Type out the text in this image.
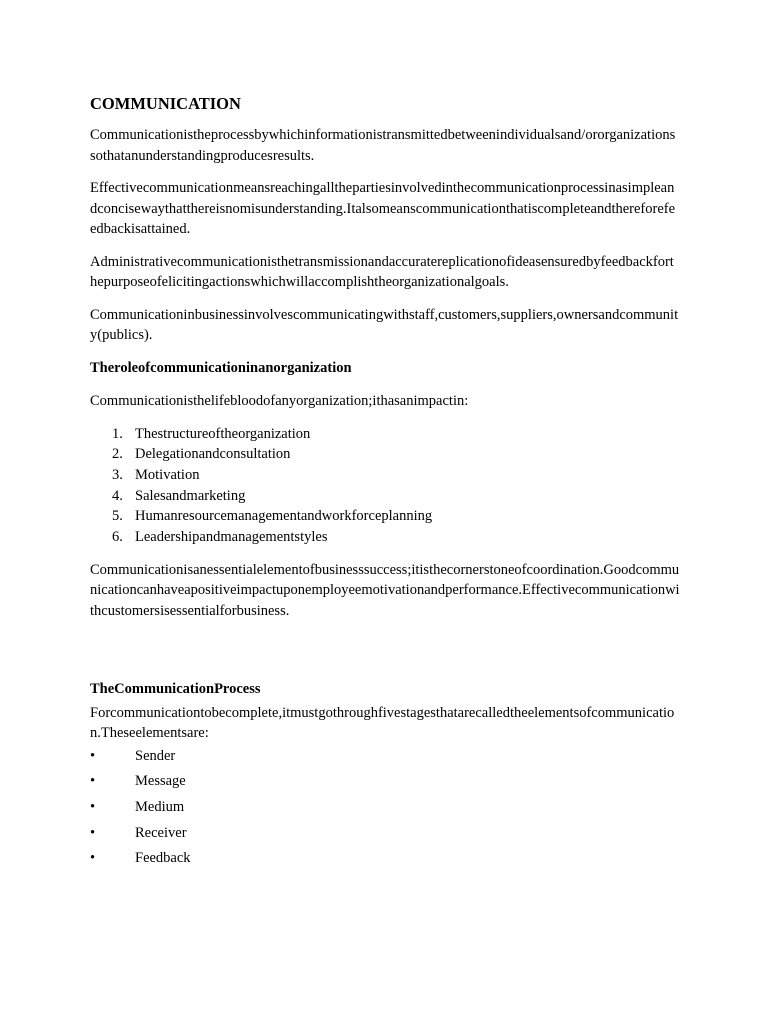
COMMUNICATION

Communicationistheprocessbywhichinformationistransmittedbetweenindividualsand/ororganizationssothatanunderstandingproducesresults.

Effectivecommunicationmeansreachingallthepartiesinvolvedinthecommunicationprocessinasimpleandconcisewaythatthereisnomisunderstanding.Italsomeanscommunicationthatiscompleteandthereforefeedbackisattained.

Administrativecommunicationisthetransmissionandaccuratereplicationofideasensuredbyfeedbackforthepurposeofelicitingactionswhichwillaccomplishtheorganizationalgoals.

Communicationinbusinessinvolvescommunicatingwithstaff,customers,suppliers,ownersandcommunity(publics).

Theroleofcommunicationinanorganization

Communicationisthelifebloodofanyorganization;ithasanimpactin:

1. Thestructureoftheorganization
2. Delegationandconsultation
3. Motivation
4. Salesandmarketing
5. Humanresourcemanagementandworkforceplanning
6. Leadershipandmanagementstyles

Communicationisanessentialelementofbusinesssuccess;itisthecornerstoneofcoordination.Goodcommunicationcanhaveapositiveimpactuponemployeemotivationandperformance.Effectivecommunicationwithcustomersisessentialforbusiness.

TheCommunicationProcess

Forcommunicationtobecomplete,itmustgothroughfivestagesthatarecalledtheelementsofcommunication.Theseelementsare:

•	Sender
•	Message
•	Medium
•	Receiver
•	Feedback
